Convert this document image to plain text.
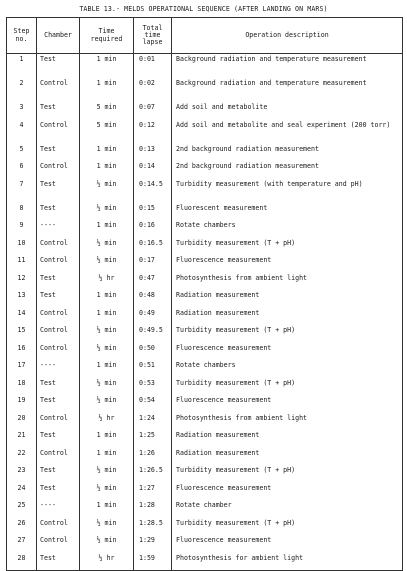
TABLE 13.- MELDS OPERATIONAL SEQUENCE (AFTER LANDING ON MARS)
Step
no.	Chamber	Time
required	Total
time
lapse	Operation description

1	Test	1 min	0:01	Background radiation and temperature measurement
2	Control	1 min	0:02	Background radiation and temperature measurement
3	Test	5 min	0:07	Add soil and metabolite
4	Control	5 min	0:12	Add soil and metabolite and seal experiment (200 torr)
5	Test	1 min	0:13	2nd background radiation measurement
6	Control	1 min	0:14	2nd background radiation measurement
7	Test	½ min	0:14.5	Turbidity measurement (with temperature and pH)
8	Test	½ min	0:15	Fluorescent measurement
9	----	1 min	0:16	Rotate chambers
10	Control	½ min	0:16.5	Turbidity measurement (T + pH)
11	Control	½ min	0:17	Fluorescence measurement
12	Test	½ hr	0:47	Photosynthesis from ambient light
13	Test	1 min	0:48	Radiation measurement
14	Control	1 min	0:49	Radiation measurement
15	Control	½ min	0:49.5	Turbidity measurement (T + pH)
16	Control	½ min	0:50	Fluorescence measurement
17	----	1 min	0:51	Rotate chambers
18	Test	½ min	0:53	Turbidity measurement (T + pH)
19	Test	½ min	0:54	Fluorescence measurement
20	Control	½ hr	1:24	Photosynthesis from ambient light
21	Test	1 min	1:25	Radiation measurement
22	Control	1 min	1:26	Radiation measurement
23	Test	½ min	1:26.5	Turbidity measurement (T + pH)
24	Test	½ min	1:27	Fluorescence measurement
25	----	1 min	1:28	Rotate chamber
26	Control	½ min	1:28.5	Turbidity measurement (T + pH)
27	Control	½ min	1:29	Fluorescence measurement
28	Test	½ hr	1:59	Photosynthesis for ambient light
